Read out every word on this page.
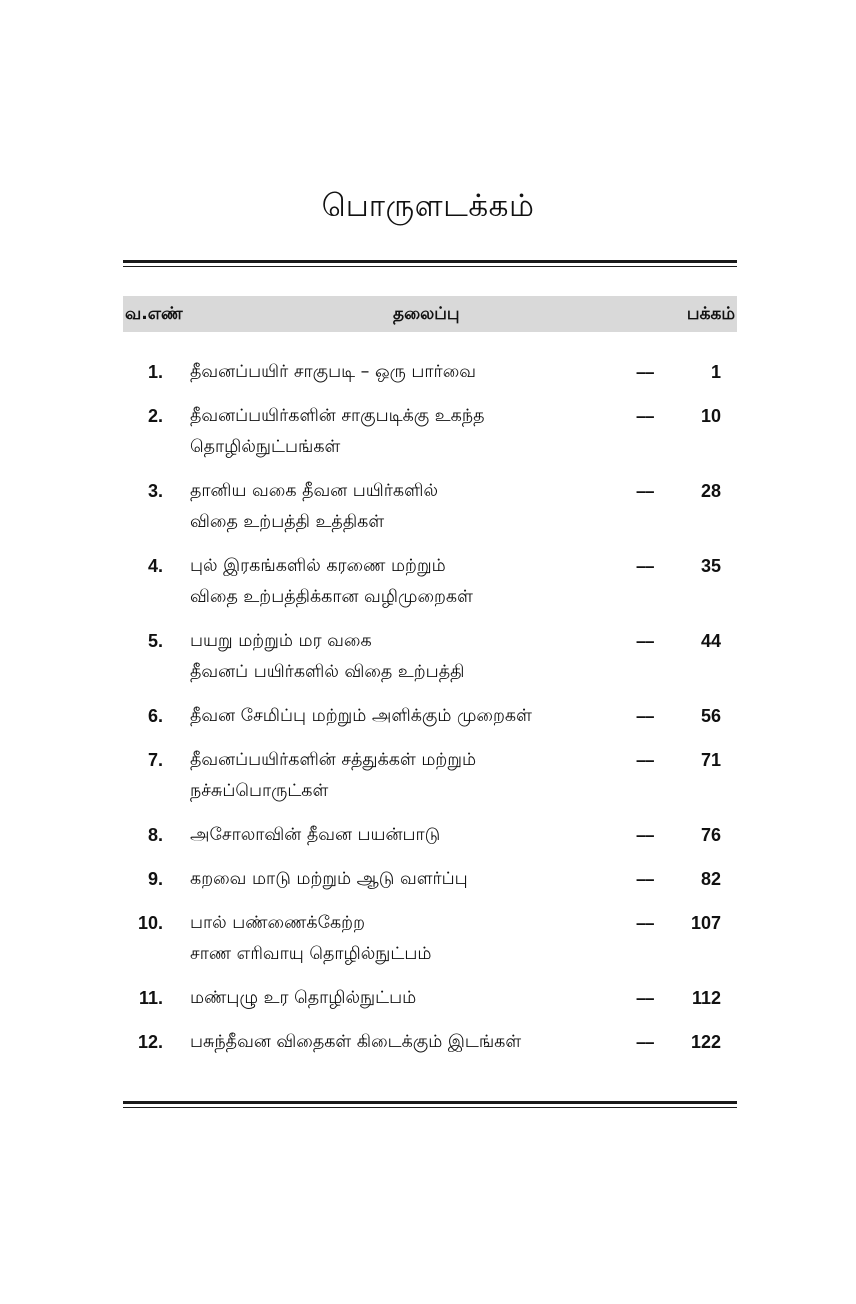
பொருளடக்கம்
வ.எண்	தலைப்பு	பக்கம்
1. தீவனப்பயிர் சாகுபடி – ஒரு பார்வை	––	1
2. தீவனப்பயிர்களின் சாகுபடிக்கு உகந்த
தொழில்நுட்பங்கள்
––	10
3. தானிய வகை தீவன பயிர்களில்
விதை உற்பத்தி உத்திகள்
––	28
4. புல் இரகங்களில் கரணை மற்றும்
விதை உற்பத்திக்கான வழிமுறைகள்
––	35
5. பயறு மற்றும் மர வகை
தீவனப் பயிர்களில் விதை உற்பத்தி
––	44
6. தீவன சேமிப்பு மற்றும் அளிக்கும் முறைகள்	––	56
7. தீவனப்பயிர்களின் சத்துக்கள் மற்றும்
நச்சுப்பொருட்கள்
––	71
8. அசோலாவின் தீவன பயன்பாடு	––	76
9. கறவை மாடு மற்றும் ஆடு வளர்ப்பு	––	82
10. பால் பண்ணைக்கேற்ற
சாண எரிவாயு தொழில்நுட்பம்
––	107
11. மண்புழு உர தொழில்நுட்பம்	––	112
12. பசுந்தீவன விதைகள் கிடைக்கும் இடங்கள்	––	122
